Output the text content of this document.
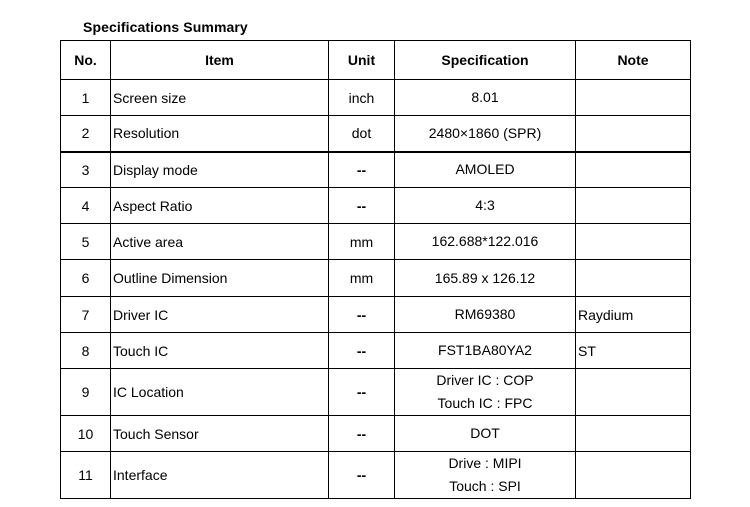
Specifications Summary
No.	Item	Unit	Specification	Note
1	Screen size	inch	8.01	

2	Resolution	dot	2480×1860 (SPR)	

3	Display mode	--	AMOLED	

4	Aspect Ratio	--	4:3	

5	Active area	mm	162.688*122.016	

6	Outline Dimension	mm	165.89 x 126.12	

7	Driver IC	--	RM69380	Raydium
8	Touch IC	--	FST1BA80YA2	ST
9	IC Location	--	Driver IC : COP
Touch IC : FPC	

10	Touch Sensor	--	DOT	

11	Interface	--	Drive : MIPI
Touch : SPI	
